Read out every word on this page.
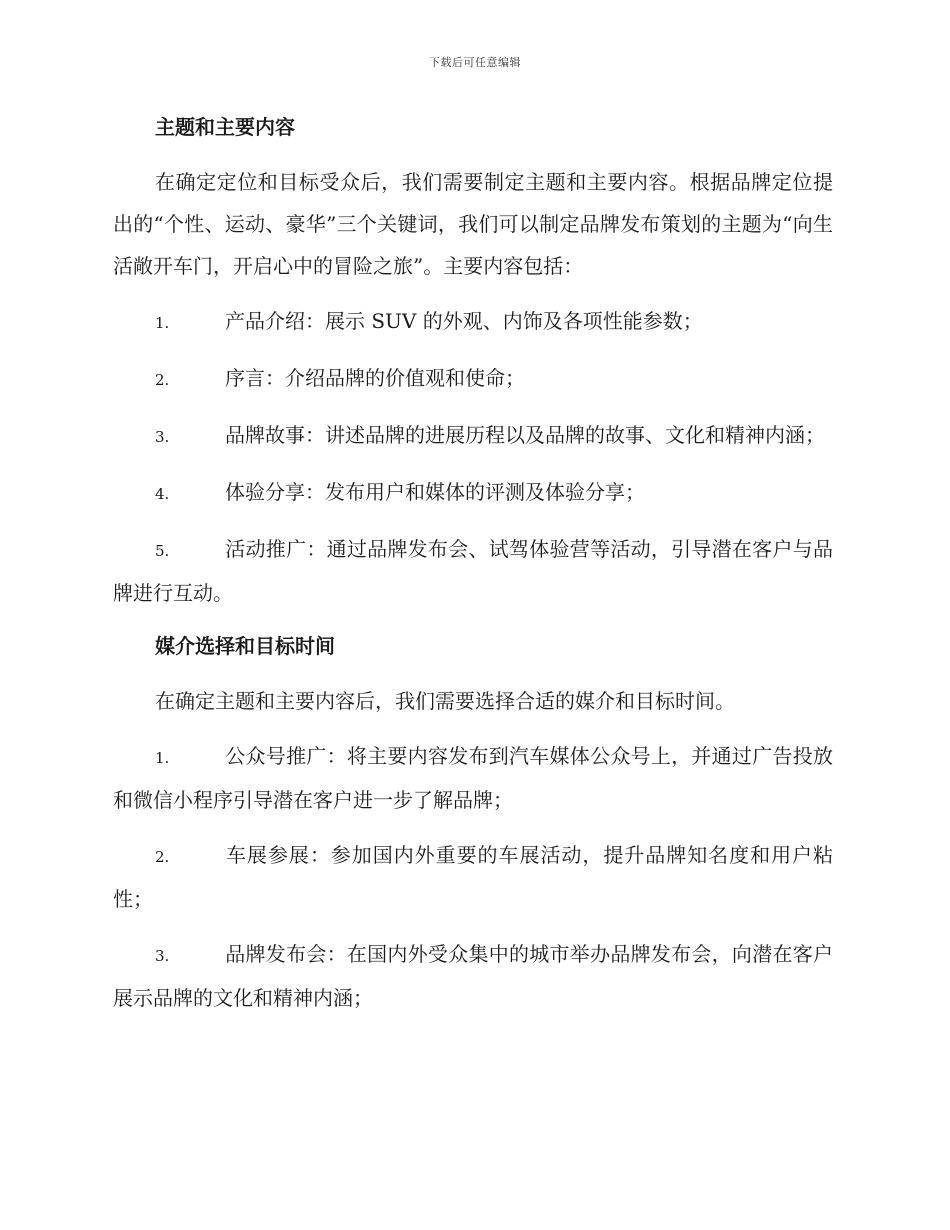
下载后可任意编辑
主题和主要内容

在确定定位和目标受众后，我们需要制定主题和主要内容。根据品牌定位提出的“个性、运动、豪华”三个关键词，我们可以制定品牌发布策划的主题为“向生活敞开车门，开启心中的冒险之旅”。主要内容包括：

1.	产品介绍：展示 SUV 的外观、内饰及各项性能参数；

2.	序言：介绍品牌的价值观和使命；

3.	品牌故事：讲述品牌的进展历程以及品牌的故事、文化和精神内涵；

4.	体验分享：发布用户和媒体的评测及体验分享；

5.	活动推广：通过品牌发布会、试驾体验营等活动，引导潜在客户与品牌进行互动。

媒介选择和目标时间

在确定主题和主要内容后，我们需要选择合适的媒介和目标时间。

1.	公众号推广：将主要内容发布到汽车媒体公众号上，并通过广告投放和微信小程序引导潜在客户进一步了解品牌；

2.	车展参展：参加国内外重要的车展活动，提升品牌知名度和用户粘性；

3.	品牌发布会：在国内外受众集中的城市举办品牌发布会，向潜在客户展示品牌的文化和精神内涵；
